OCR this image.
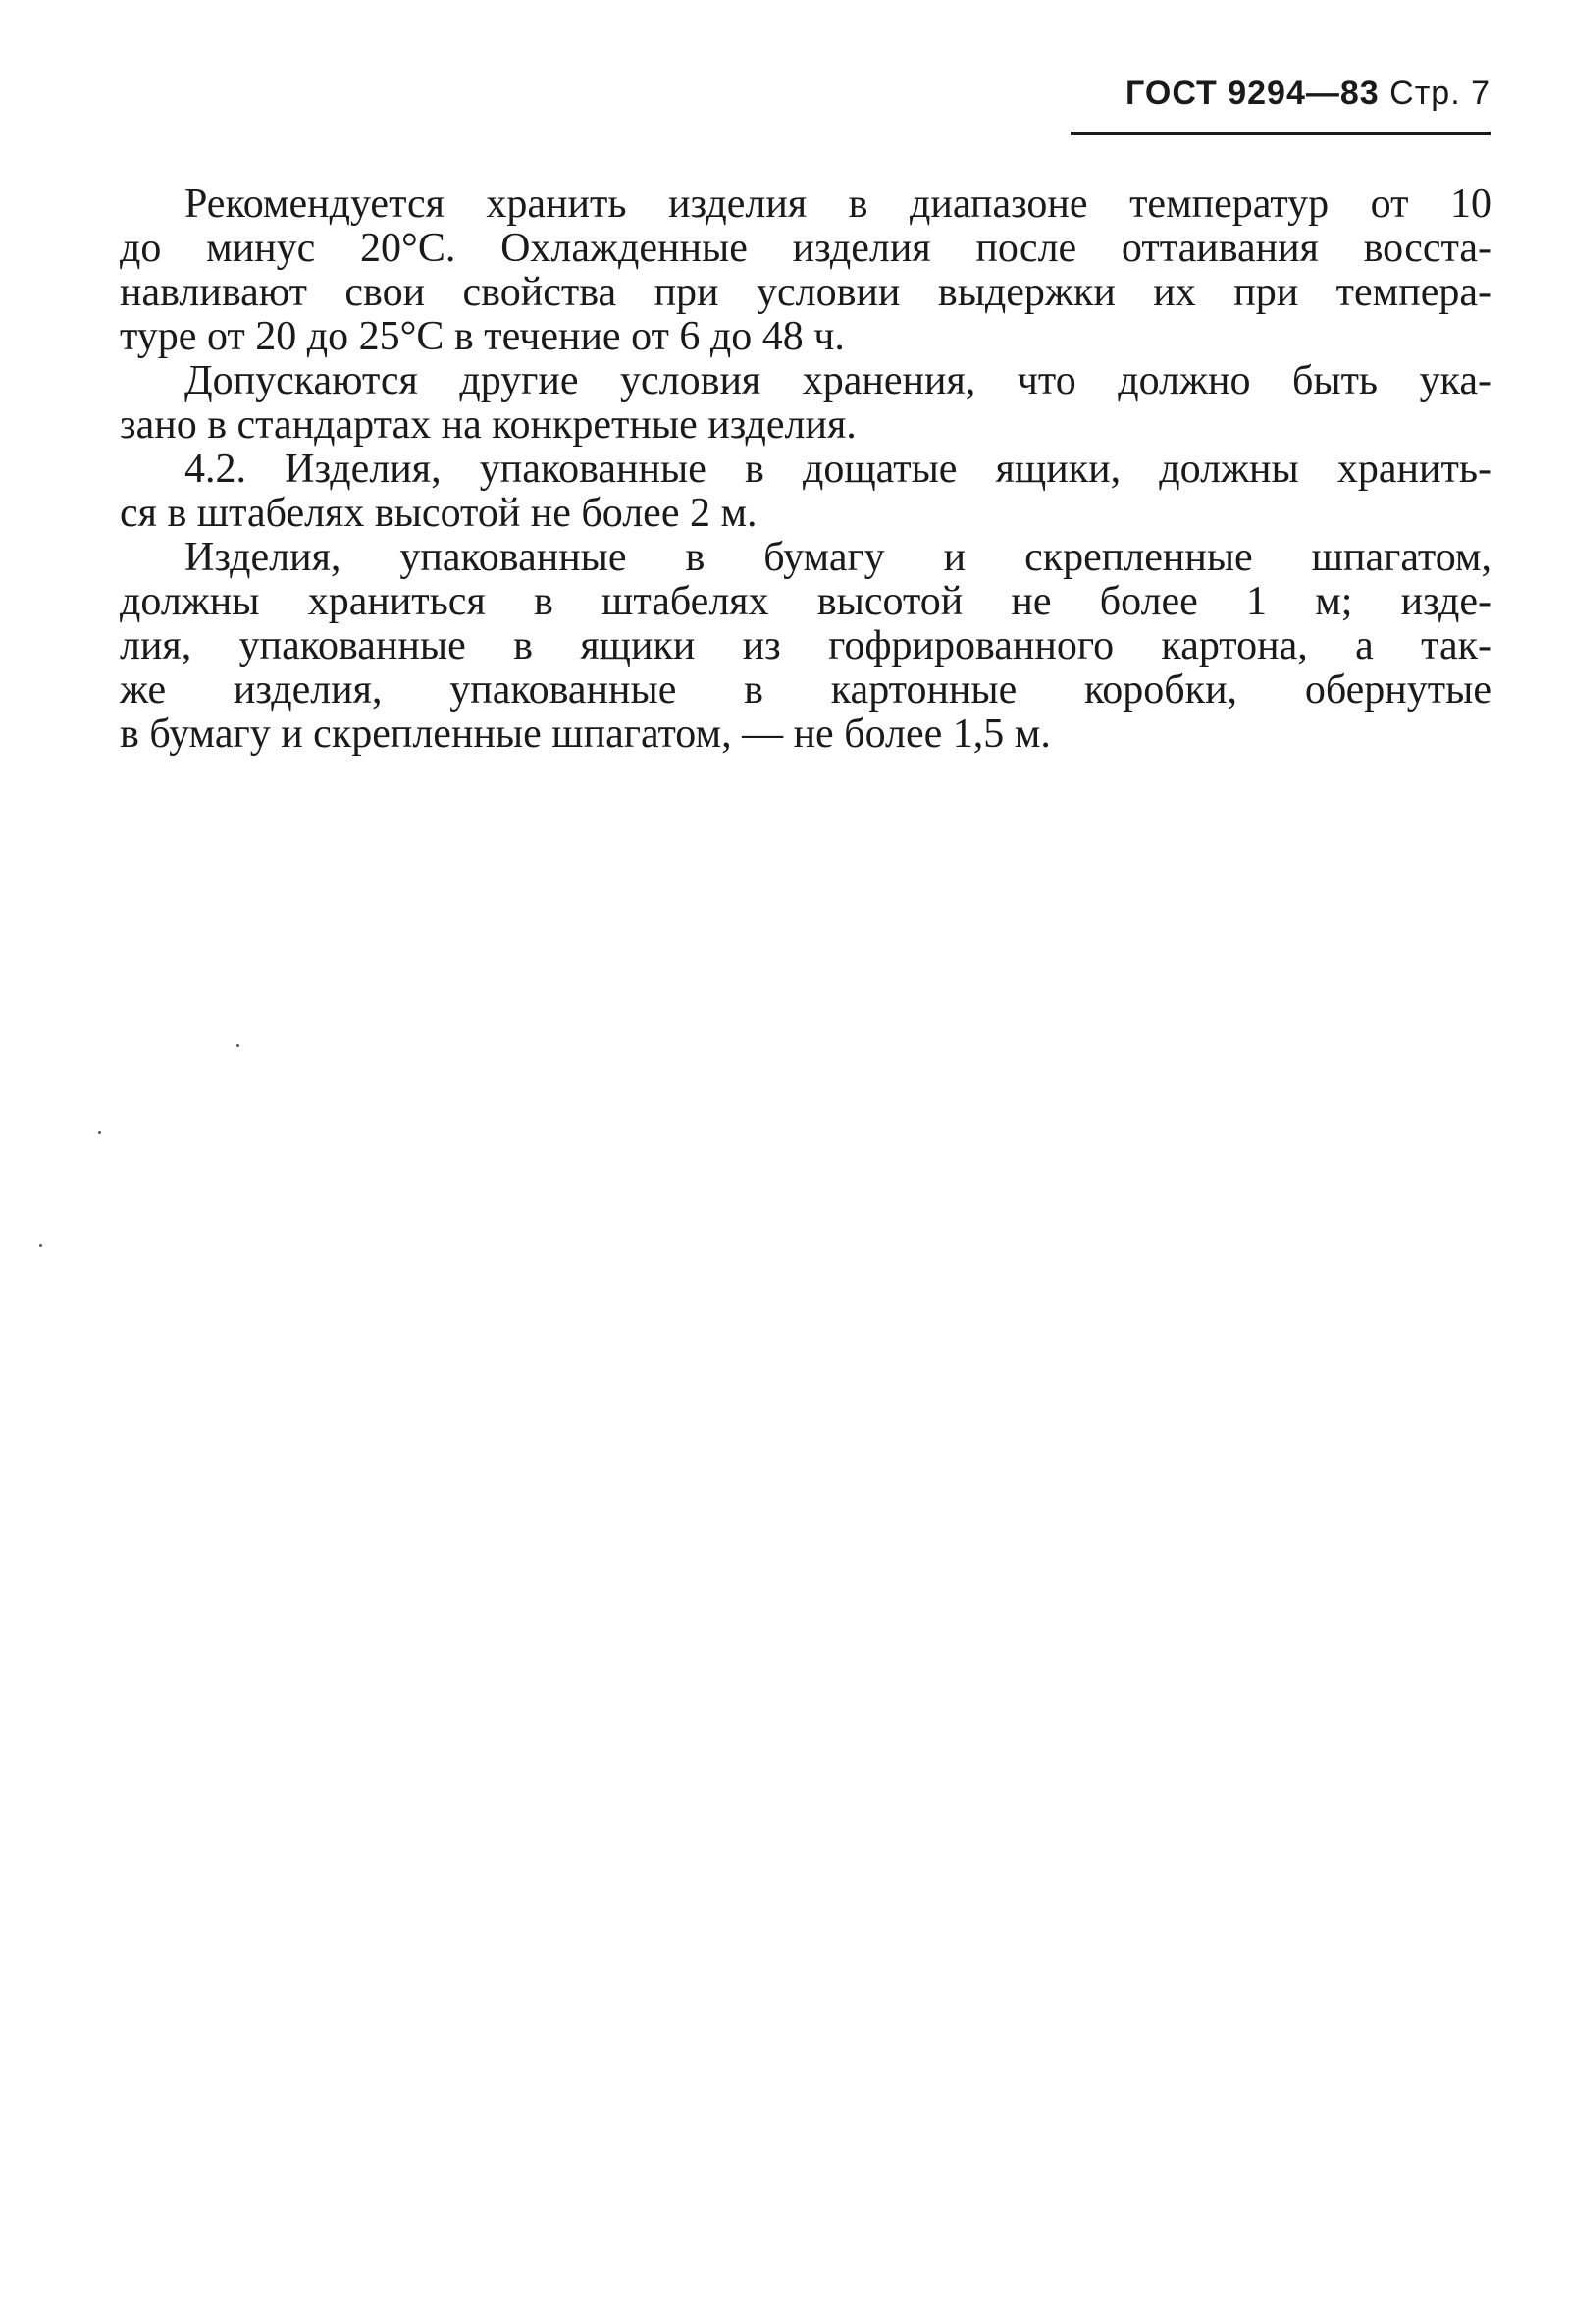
ГОСТ 9294—83 Стр. 7
Рекомендуется хранить изделия в диапазоне температур от 10
до минус 20°С. Охлажденные изделия после оттаивания восста-
навливают свои свойства при условии выдержки их при темпера-
туре от 20 до 25°С в течение от 6 до 48 ч.
Допускаются другие условия хранения, что должно быть ука-
зано в стандартах на конкретные изделия.
4.2. Изделия, упакованные в дощатые ящики, должны хранить-
ся в штабелях высотой не более 2 м.
Изделия, упакованные в бумагу и скрепленные шпагатом,
должны храниться в штабелях высотой не более 1 м; изде-
лия, упакованные в ящики из гофрированного картона, а так-
же изделия, упакованные в картонные коробки, обернутые
в бумагу и скрепленные шпагатом, — не более 1,5 м.
